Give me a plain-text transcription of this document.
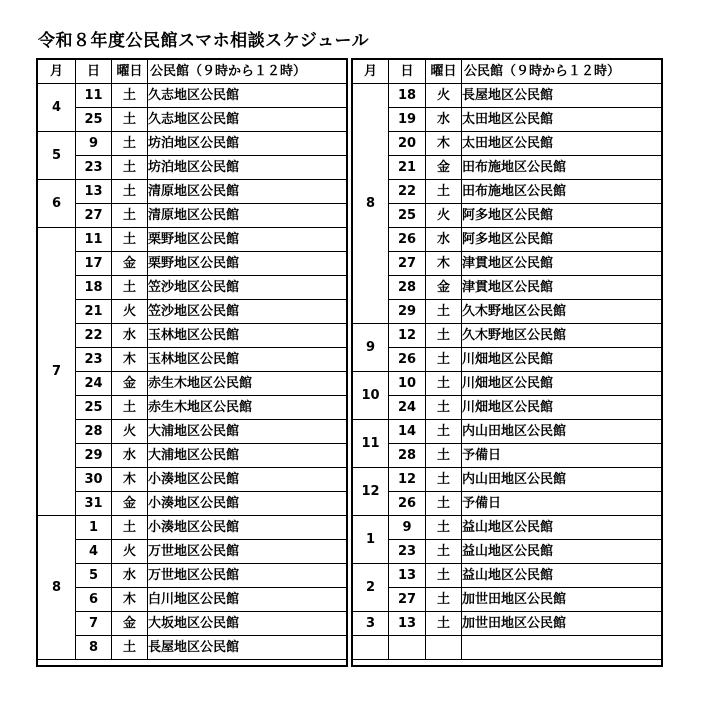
令和８年度公民館スマホ相談スケジュール
月	日	曜日	公民館（９時から１２時）
4	11	土	久志地区公民館
	25	土	久志地区公民館
5	9	土	坊泊地区公民館
	23	土	坊泊地区公民館
6	13	土	清原地区公民館
	27	土	清原地区公民館
7	11	土	栗野地区公民館
	17	金	栗野地区公民館
	18	土	笠沙地区公民館
	21	火	笠沙地区公民館
	22	水	玉林地区公民館
	23	木	玉林地区公民館
	24	金	赤生木地区公民館
	25	土	赤生木地区公民館
	28	火	大浦地区公民館
	29	水	大浦地区公民館
	30	木	小湊地区公民館
	31	金	小湊地区公民館
8	1	土	小湊地区公民館
	4	火	万世地区公民館
	5	水	万世地区公民館
	6	木	白川地区公民館
	7	金	大坂地区公民館
	8	土	長屋地区公民館
月	日	曜日	公民館（９時から１２時）
8	18	火	長屋地区公民館
	19	水	太田地区公民館
	20	木	太田地区公民館
	21	金	田布施地区公民館
	22	土	田布施地区公民館
	25	火	阿多地区公民館
	26	水	阿多地区公民館
	27	木	津貫地区公民館
	28	金	津貫地区公民館
	29	土	久木野地区公民館
9	12	土	久木野地区公民館
	26	土	川畑地区公民館
10	10	土	川畑地区公民館
	24	土	川畑地区公民館
11	14	土	内山田地区公民館
	28	土	予備日
12	12	土	内山田地区公民館
	26	土	予備日
1	9	土	益山地区公民館
	23	土	益山地区公民館
2	13	土	益山地区公民館
	27	土	加世田地区公民館
3	13	土	加世田地区公民館
